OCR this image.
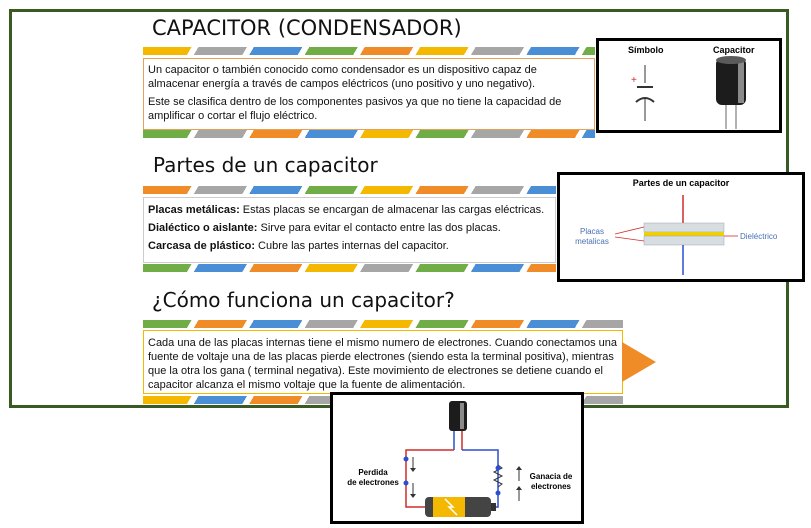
CAPACITOR (CONDENSADOR)

Un capacitor o también conocido como condensador es un dispositivo capaz de almacenar energía a través de campos eléctricos (uno positivo y uno negativo).

Este se clasifica dentro de los componentes pasivos ya que no tiene la capacidad de amplificar o cortar el flujo eléctrico.

Símbolo	Capacitor
+
Partes de un capacitor

Placas metálicas: Estas placas se encargan de almacenar las cargas eléctricas.

Dialéctico o aislante: Sirve para evitar el contacto entre las dos placas.

Carcasa de plástico: Cubre las partes internas del capacitor.

Partes de un capacitor
Placas
metalicas
Dieléctrico
¿Cómo funciona un capacitor?

Cada una de las placas internas tiene el mismo numero de electrones. Cuando conectamos una fuente de voltaje una de las placas pierde electrones (siendo esta la terminal positiva), mientras que la otra los gana ( terminal negativa). Este movimiento de electrones se detiene cuando el capacitor alcanza el mismo voltaje que la fuente de alimentación.

Perdida
de electrones
Ganacia de
electrones
